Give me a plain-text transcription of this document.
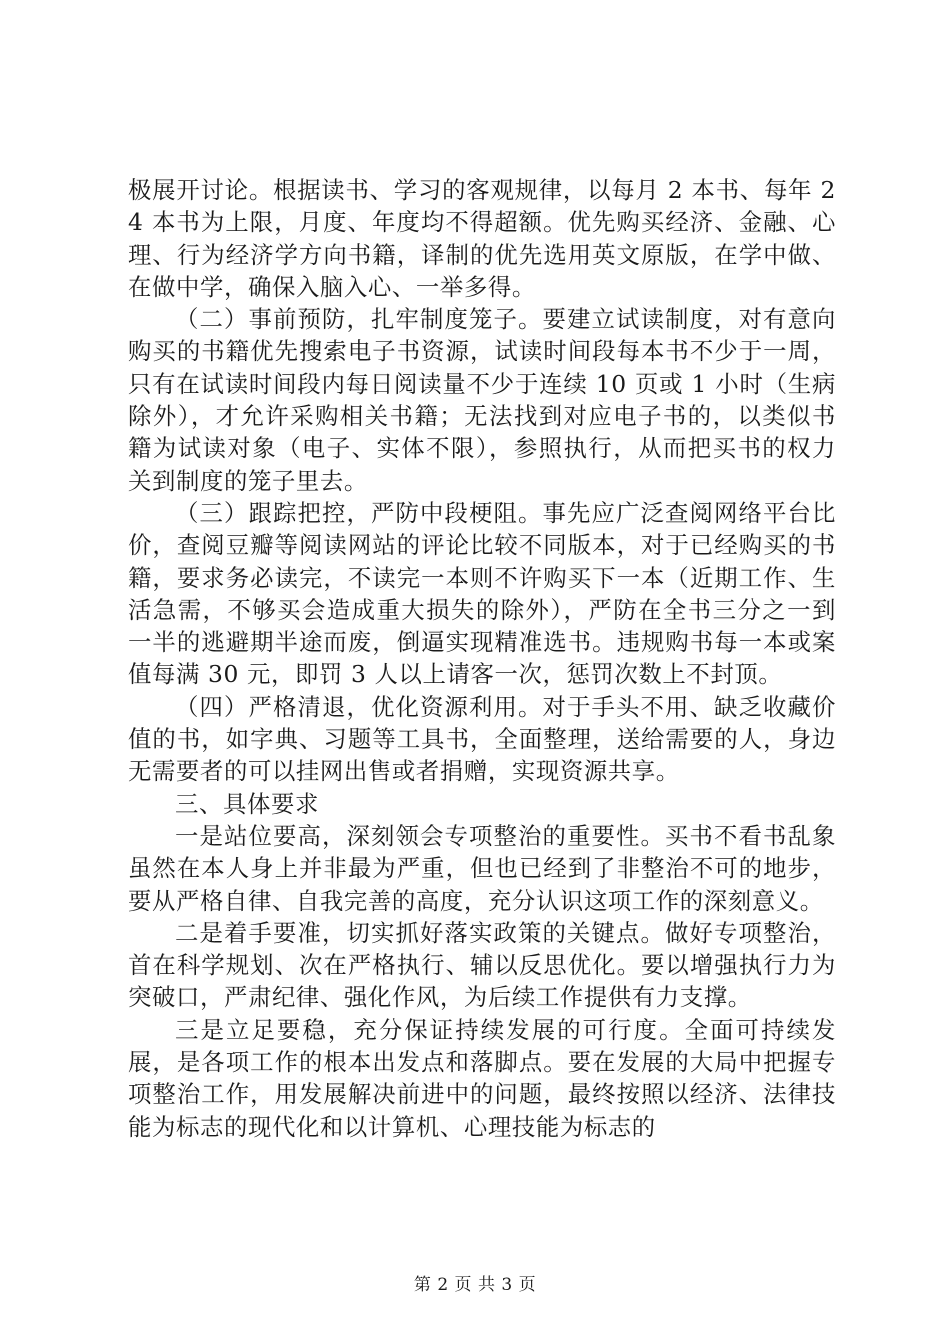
极展开讨论。根据读书、学习的客观规律，以每月 2 本书、每年 24 本书为上限，月度、年度均不得超额。优先购买经济、金融、心理、行为经济学方向书籍，译制的优先选用英文原版，在学中做、在做中学，确保入脑入心、一举多得。

（二）事前预防，扎牢制度笼子。要建立试读制度，对有意向购买的书籍优先搜索电子书资源，试读时间段每本书不少于一周，只有在试读时间段内每日阅读量不少于连续 10 页或 1 小时（生病除外），才允许采购相关书籍；无法找到对应电子书的，以类似书籍为试读对象（电子、实体不限），参照执行，从而把买书的权力关到制度的笼子里去。

（三）跟踪把控，严防中段梗阻。事先应广泛查阅网络平台比价，查阅豆瓣等阅读网站的评论比较不同版本，对于已经购买的书籍，要求务必读完，不读完一本则不许购买下一本（近期工作、生活急需，不够买会造成重大损失的除外），严防在全书三分之一到一半的逃避期半途而废，倒逼实现精准选书。违规购书每一本或案值每满 30 元，即罚 3 人以上请客一次，惩罚次数上不封顶。

（四）严格清退，优化资源利用。对于手头不用、缺乏收藏价值的书，如字典、习题等工具书，全面整理，送给需要的人，身边无需要者的可以挂网出售或者捐赠，实现资源共享。

三、具体要求

一是站位要高，深刻领会专项整治的重要性。买书不看书乱象虽然在本人身上并非最为严重，但也已经到了非整治不可的地步，要从严格自律、自我完善的高度，充分认识这项工作的深刻意义。

二是着手要准，切实抓好落实政策的关键点。做好专项整治，首在科学规划、次在严格执行、辅以反思优化。要以增强执行力为突破口，严肃纪律、强化作风，为后续工作提供有力支撑。

三是立足要稳，充分保证持续发展的可行度。全面可持续发展，是各项工作的根本出发点和落脚点。要在发展的大局中把握专项整治工作，用发展解决前进中的问题，最终按照以经济、法律技能为标志的现代化和以计算机、心理技能为标志的

第 2 页 共 3 页
